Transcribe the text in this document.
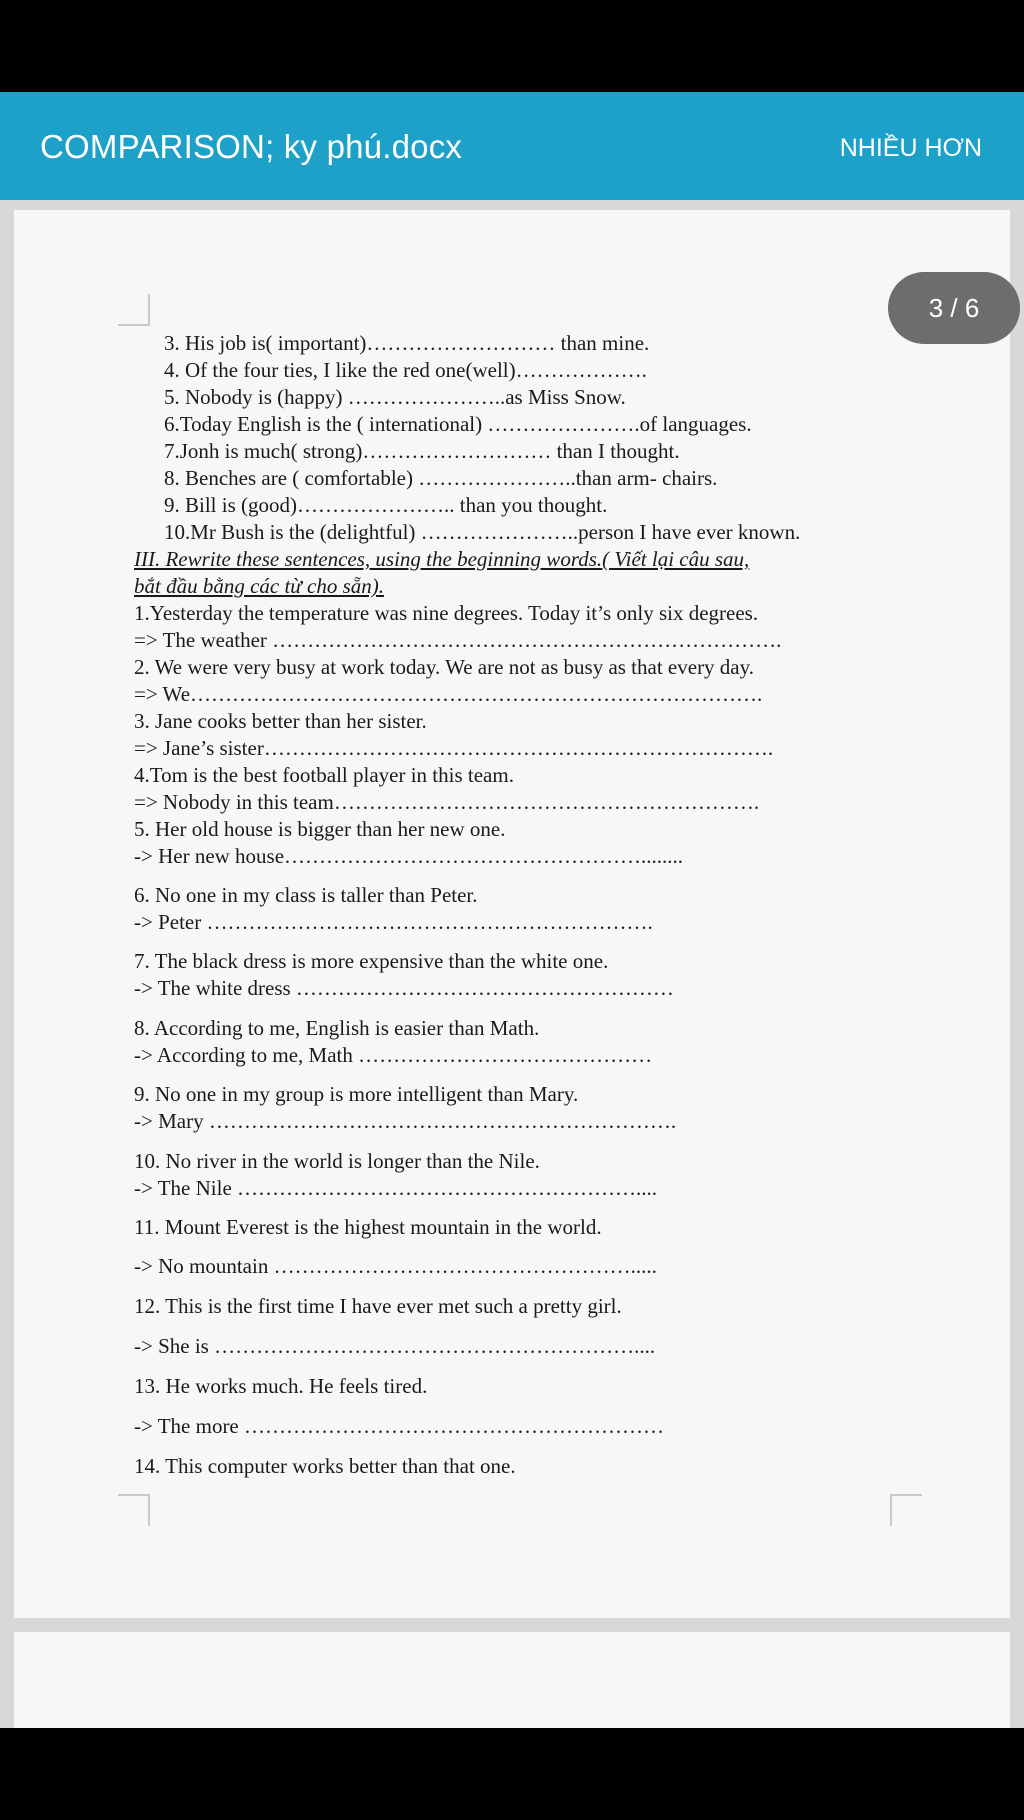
COMPARISON; ky phú.docx	NHIỀU HƠN
3. His job is( important)……………………… than mine.
4. Of the four ties, I like the red one(well)……………….
5. Nobody is (happy) …………………..as Miss Snow.
6.Today English is the ( international) ………………….of languages.
7.Jonh is much( strong)……………………… than I thought.
8. Benches are ( comfortable) …………………..than arm- chairs.
9. Bill is (good)………………….. than you thought.
10.Mr Bush is the (delightful) …………………..person I have ever known.
III. Rewrite these sentences, using the beginning words.( Viết lại câu sau,
bắt đầu bằng các từ cho sẵn).
1.Yesterday the temperature was nine degrees. Today it’s only six degrees.
=> The weather ……………………………………………………………….
2. We were very busy at work today. We are not as busy as that every day.
=> We……………………………………………………………………….
3. Jane cooks better than her sister.
=> Jane’s sister……………………………………………………………….
4.Tom is the best football player in this team.
=> Nobody in this team…………………………………………………….
5. Her old house is bigger than her new one.
-> Her new house……………………………………………........
6. No one in my class is taller than Peter.
-> Peter ……………………………………………………….
7. The black dress is more expensive than the white one.
-> The white dress ………………………………………………
8. According to me, English is easier than Math.
-> According to me, Math ……………………………………
9. No one in my group is more intelligent than Mary.
-> Mary ………………………………………………………….
10. No river in the world is longer than the Nile.
-> The Nile …………………………………………………....
11. Mount Everest is the highest mountain in the world.
-> No mountain …………………………………………….....
12. This is the first time I have ever met such a pretty girl.
-> She is ……………………………………………………....
13. He works much. He feels tired.
-> The more ……………………………………………………
14. This computer works better than that one.
3 / 6
